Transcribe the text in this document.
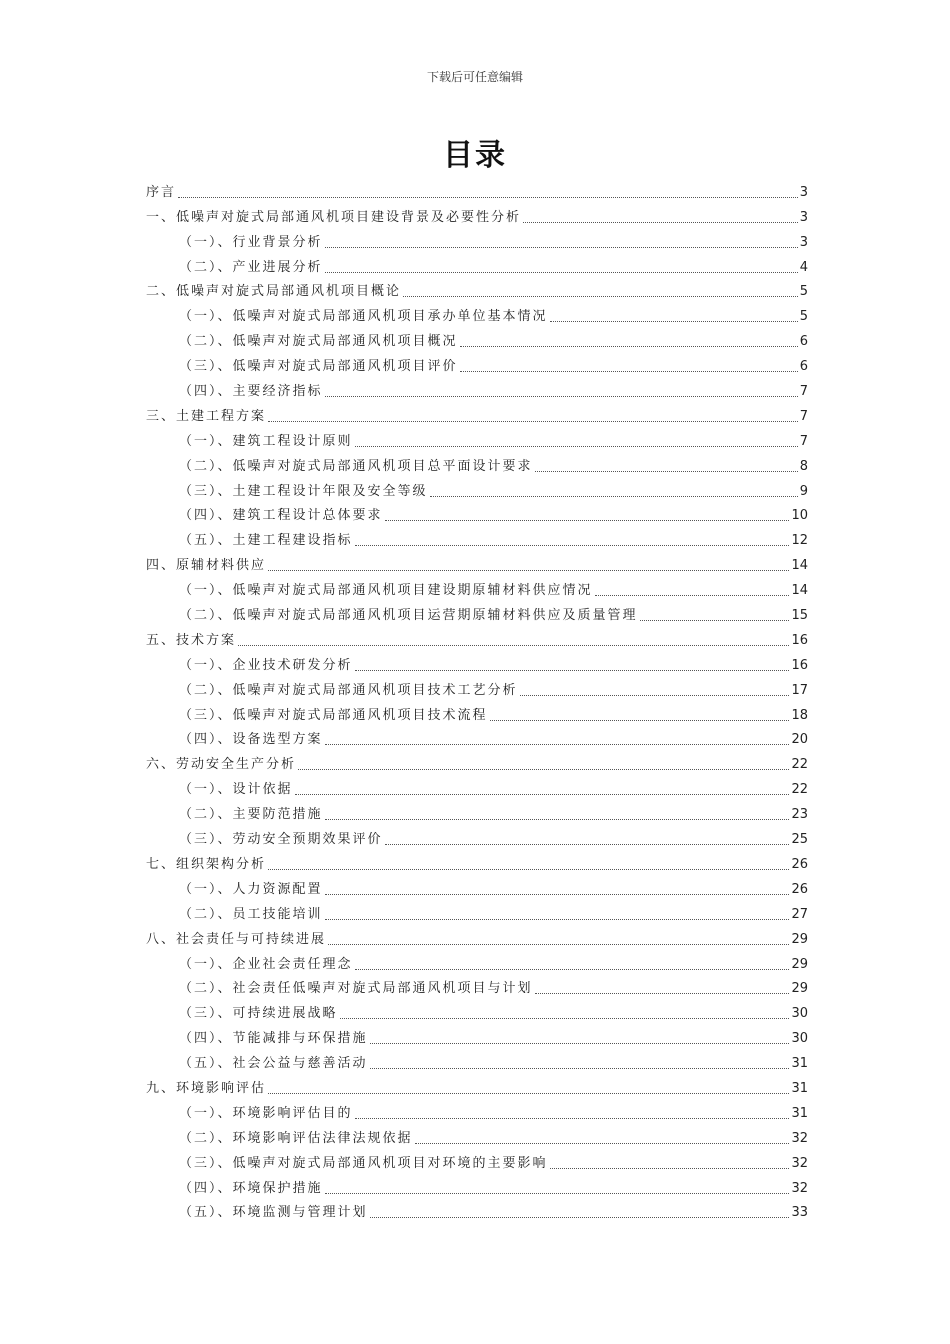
下载后可任意编辑
目录
序言	3
一、低噪声对旋式局部通风机项目建设背景及必要性分析	3
（一）、行业背景分析	3
（二）、产业进展分析	4
二、低噪声对旋式局部通风机项目概论	5
（一）、低噪声对旋式局部通风机项目承办单位基本情况	5
（二）、低噪声对旋式局部通风机项目概况	6
（三）、低噪声对旋式局部通风机项目评价	6
（四）、主要经济指标	7
三、土建工程方案	7
（一）、建筑工程设计原则	7
（二）、低噪声对旋式局部通风机项目总平面设计要求	8
（三）、土建工程设计年限及安全等级	9
（四）、建筑工程设计总体要求	10
（五）、土建工程建设指标	12
四、原辅材料供应	14
（一）、低噪声对旋式局部通风机项目建设期原辅材料供应情况	14
（二）、低噪声对旋式局部通风机项目运营期原辅材料供应及质量管理	15
五、技术方案	16
（一）、企业技术研发分析	16
（二）、低噪声对旋式局部通风机项目技术工艺分析	17
（三）、低噪声对旋式局部通风机项目技术流程	18
（四）、设备选型方案	20
六、劳动安全生产分析	22
（一）、设计依据	22
（二）、主要防范措施	23
（三）、劳动安全预期效果评价	25
七、组织架构分析	26
（一）、人力资源配置	26
（二）、员工技能培训	27
八、社会责任与可持续进展	29
（一）、企业社会责任理念	29
（二）、社会责任低噪声对旋式局部通风机项目与计划	29
（三）、可持续进展战略	30
（四）、节能减排与环保措施	30
（五）、社会公益与慈善活动	31
九、环境影响评估	31
（一）、环境影响评估目的	31
（二）、环境影响评估法律法规依据	32
（三）、低噪声对旋式局部通风机项目对环境的主要影响	32
（四）、环境保护措施	32
（五）、环境监测与管理计划	33
